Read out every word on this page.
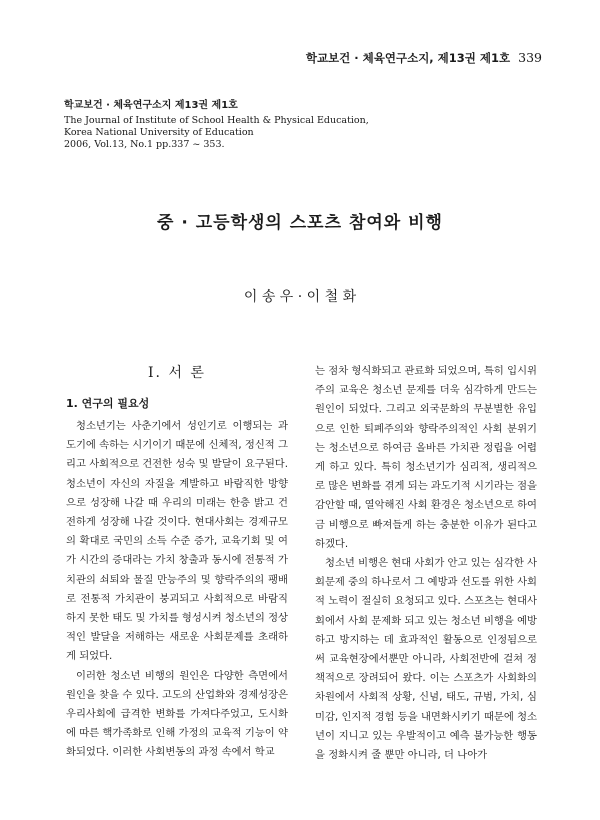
학교보건 · 체육연구소지, 제13권 제1호 339
학교보건 · 체육연구소지 제13권 제1호
The Journal of Institute of School Health & Physical Education,
Korea National University of Education
2006, Vol.13, No.1 pp.337 ~ 353.
중 · 고등학생의 스포츠 참여와 비행
이 송 우 · 이 철 화
I. 서 론
1. 연구의 필요성

청소년기는 사춘기에서 성인기로 이행되는 과도기에 속하는 시기이기 때문에 신체적, 정신적 그리고 사회적으로 건전한 성숙 및 발달이 요구된다. 청소년이 자신의 자질을 계발하고 바람직한 방향으로 성장해 나갈 때 우리의 미래는 한층 밝고 건전하게 성장해 나갈 것이다. 현대사회는 경제규모의 확대로 국민의 소득 수준 증가, 교육기회 및 여가 시간의 증대라는 가치 창출과 동시에 전통적 가치관의 쇠퇴와 물질 만능주의 및 향락주의의 팽배로 전통적 가치관이 붕괴되고 사회적으로 바람직하지 못한 태도 및 가치를 형성시켜 청소년의 정상적인 발달을 저해하는 새로운 사회문제를 초래하게 되었다.

이러한 청소년 비행의 원인은 다양한 측면에서 원인을 찾을 수 있다. 고도의 산업화와 경제성장은 우리사회에 급격한 변화를 가져다주었고, 도시화에 따른 핵가족화로 인해 가정의 교육적 기능이 약화되었다. 이러한 사회변동의 과정 속에서 학교

는 점차 형식화되고 관료화 되었으며, 특히 입시위주의 교육은 청소년 문제를 더욱 심각하게 만드는 원인이 되었다. 그리고 외국문화의 무분별한 유입으로 인한 퇴폐주의와 향락주의적인 사회 분위기는 청소년으로 하여금 올바른 가치관 정립을 어렵게 하고 있다. 특히 청소년기가 심리적, 생리적으로 많은 변화를 겪게 되는 과도기적 시기라는 점을 감안할 때, 열악해진 사회 환경은 청소년으로 하여금 비행으로 빠져들게 하는 충분한 이유가 된다고 하겠다.

청소년 비행은 현대 사회가 안고 있는 심각한 사회문제 중의 하나로서 그 예방과 선도를 위한 사회적 노력이 절실히 요청되고 있다. 스포츠는 현대사회에서 사회 문제화 되고 있는 청소년 비행을 예방하고 방지하는 데 효과적인 활동으로 인정됨으로써 교육현장에서뿐만 아니라, 사회전반에 걸쳐 정책적으로 장려되어 왔다. 이는 스포츠가 사회화의 차원에서 사회적 상황, 신념, 태도, 규범, 가치, 심미감, 인지적 경험 등을 내면화시키기 때문에 청소년이 지니고 있는 우발적이고 예측 불가능한 행동을 정화시켜 줄 뿐만 아니라, 더 나아가
